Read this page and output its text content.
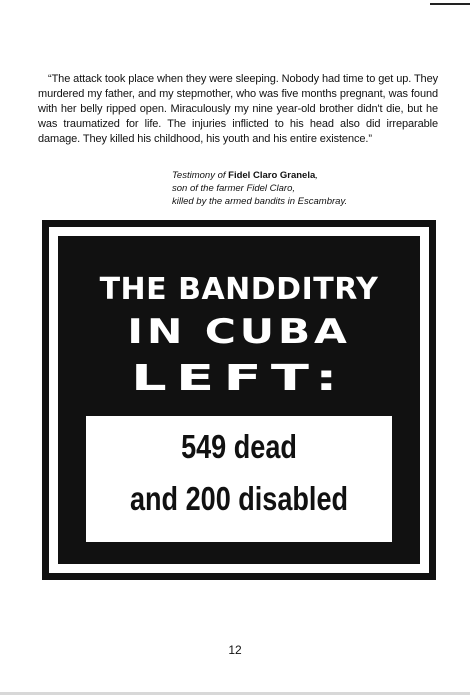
“The attack took place when they were sleeping. Nobody had time to get up. They murdered my father, and my stepmother, who was five months pregnant, was found with her belly ripped open. Miraculously my nine year-old brother didn't die, but he was traumatized for life. The injuries inflicted to his head also did irreparable damage. They killed his childhood, his youth and his entire existence.”

Testimony of Fidel Claro Granela,
son of the farmer Fidel Claro,
killed by the armed bandits in Escambray.
THE BANDDITRY
IN CUBA
LEFT:
549 dead
and 200 disabled
12
